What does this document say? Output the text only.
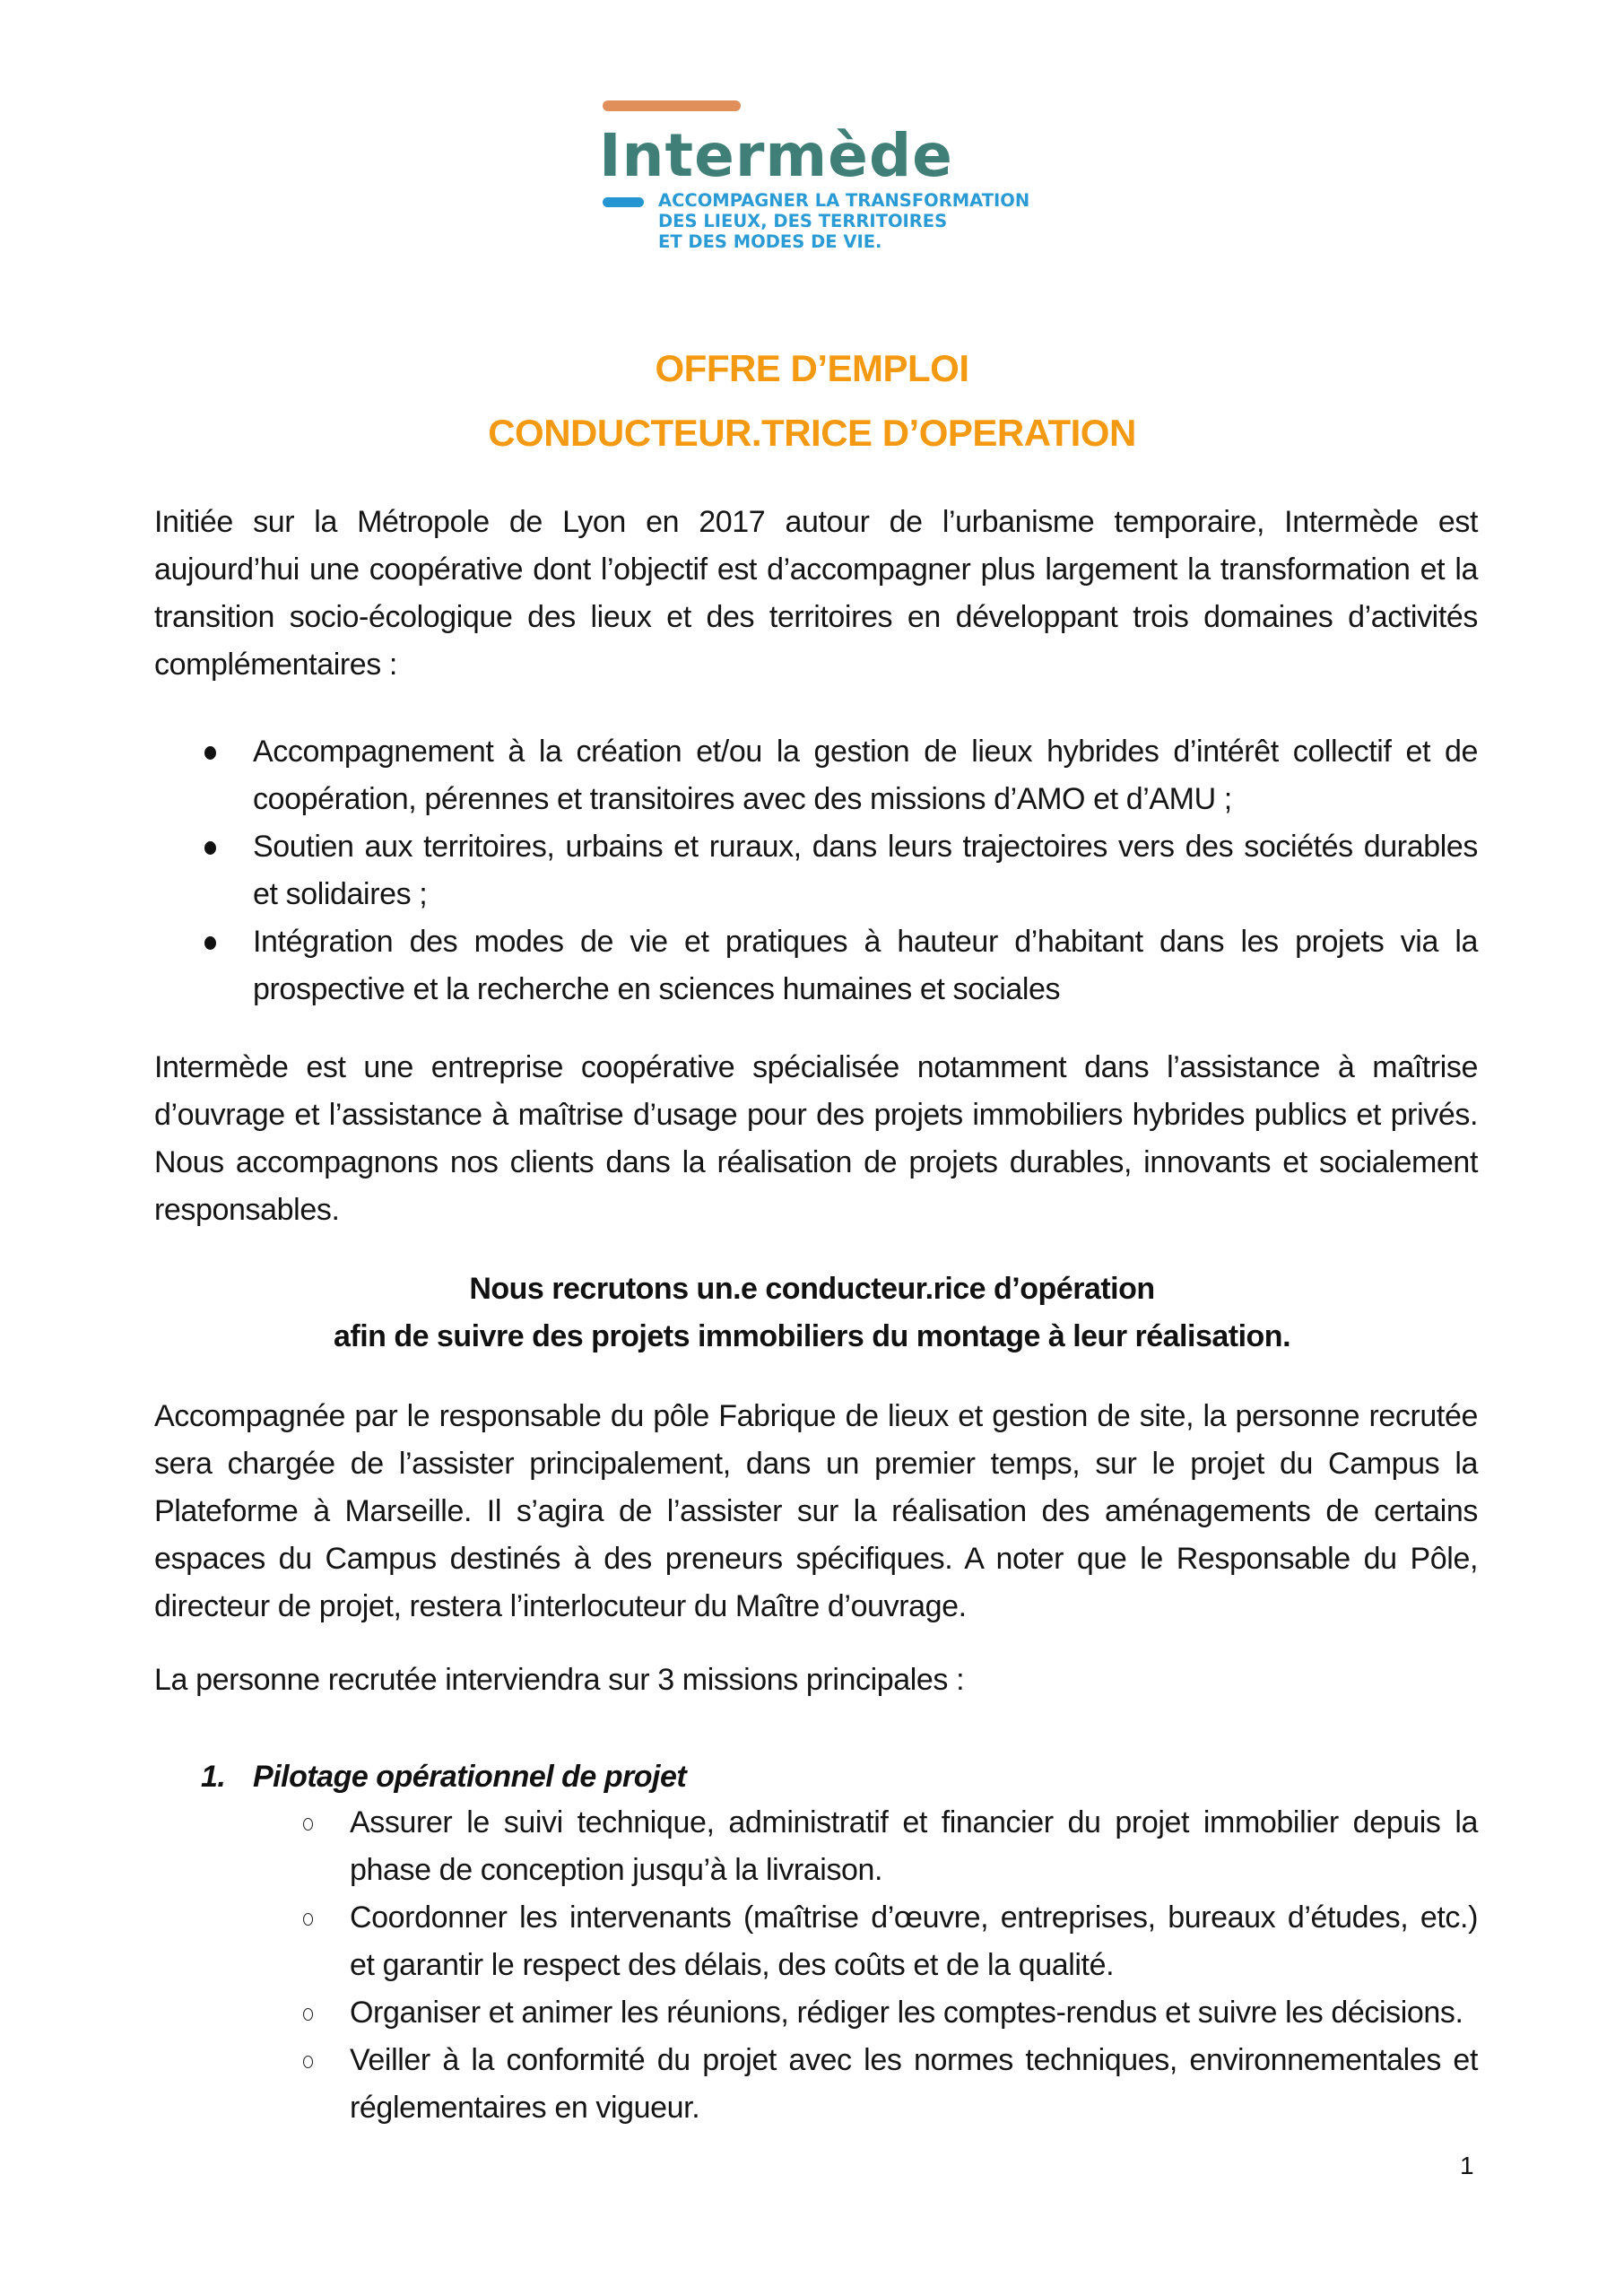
Intermède
ACCOMPAGNER LA TRANSFORMATION
DES LIEUX, DES TERRITOIRES
ET DES MODES DE VIE.
OFFRE D’EMPLOI
CONDUCTEUR.TRICE D’OPERATION

Initiée sur la Métropole de Lyon en 2017 autour de l’urbanisme temporaire, Intermède est aujourd’hui une coopérative dont l’objectif est d’accompagner plus largement la transformation et la transition socio-écologique des lieux et des territoires en développant trois domaines d’activités complémentaires :

Accompagnement à la création et/ou la gestion de lieux hybrides d’intérêt collectif et de coopération, pérennes et transitoires avec des missions d’AMO et d’AMU ;
Soutien aux territoires, urbains et ruraux, dans leurs trajectoires vers des sociétés durables et solidaires ;
Intégration des modes de vie et pratiques à hauteur d’habitant dans les projets via la prospective et la recherche en sciences humaines et sociales

Intermède est une entreprise coopérative spécialisée notamment dans l’assistance à maîtrise d’ouvrage et l’assistance à maîtrise d’usage pour des projets immobiliers hybrides publics et privés. Nous accompagnons nos clients dans la réalisation de projets durables, innovants et socialement responsables.

Nous recrutons un.e conducteur.rice d’opération
afin de suivre des projets immobiliers du montage à leur réalisation.

Accompagnée par le responsable du pôle Fabrique de lieux et gestion de site, la personne recrutée sera chargée de l’assister principalement, dans un premier temps, sur le projet du Campus la Plateforme à Marseille. Il s’agira de l’assister sur la réalisation des aménagements de certains espaces du Campus destinés à des preneurs spécifiques. A noter que le Responsable du Pôle, directeur de projet, restera l’interlocuteur du Maître d’ouvrage.

La personne recrutée interviendra sur 3 missions principales :

1. Pilotage opérationnel de projet
Assurer le suivi technique, administratif et financier du projet immobilier depuis la phase de conception jusqu’à la livraison.
Coordonner les intervenants (maîtrise d’œuvre, entreprises, bureaux d’études, etc.) et garantir le respect des délais, des coûts et de la qualité.
Organiser et animer les réunions, rédiger les comptes-rendus et suivre les décisions.
Veiller à la conformité du projet avec les normes techniques, environnementales et réglementaires en vigueur.
1
